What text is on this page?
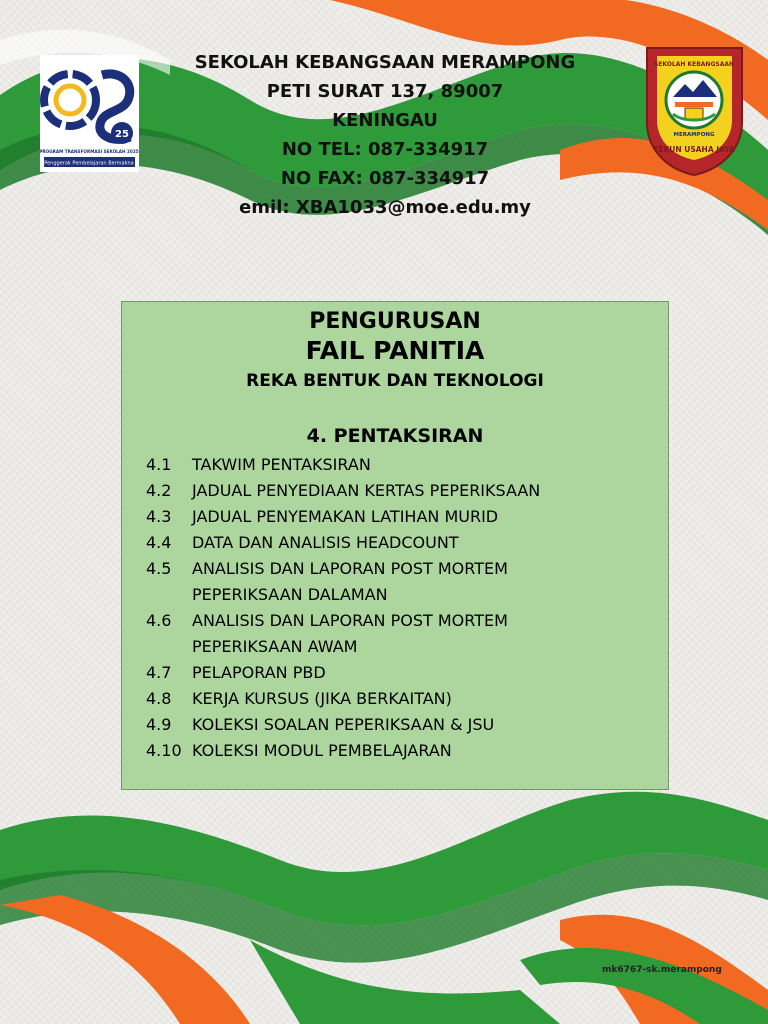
25
PROGRAM TRANSFORMASI SEKOLAH 2025
Penggerak Pembelajaran Bermakna
SEKOLAH KEBANGSAAN
MERAMPONG
TEKUN USAHA JAYA
SEKOLAH KEBANGSAAN MERAMPONG
PETI SURAT 137, 89007
KENINGAU
NO TEL: 087-334917
NO FAX: 087-334917
emil: XBA1033@moe.edu.my
PENGURUSAN
FAIL PANITIA
REKA BENTUK DAN TEKNOLOGI
4. PENTAKSIRAN
4.1	TAKWIM PENTAKSIRAN
4.2	JADUAL PENYEDIAAN KERTAS PEPERIKSAAN
4.3	JADUAL PENYEMAKAN LATIHAN MURID
4.4	DATA DAN ANALISIS HEADCOUNT
4.5	ANALISIS DAN LAPORAN POST MORTEM
PEPERIKSAAN DALAMAN
4.6	ANALISIS DAN LAPORAN POST MORTEM
PEPERIKSAAN AWAM
4.7	PELAPORAN PBD
4.8	KERJA KURSUS (JIKA BERKAITAN)
4.9	KOLEKSI SOALAN PEPERIKSAAN & JSU
4.10 KOLEKSI MODUL PEMBELAJARAN
mk6767-sk.merampong
